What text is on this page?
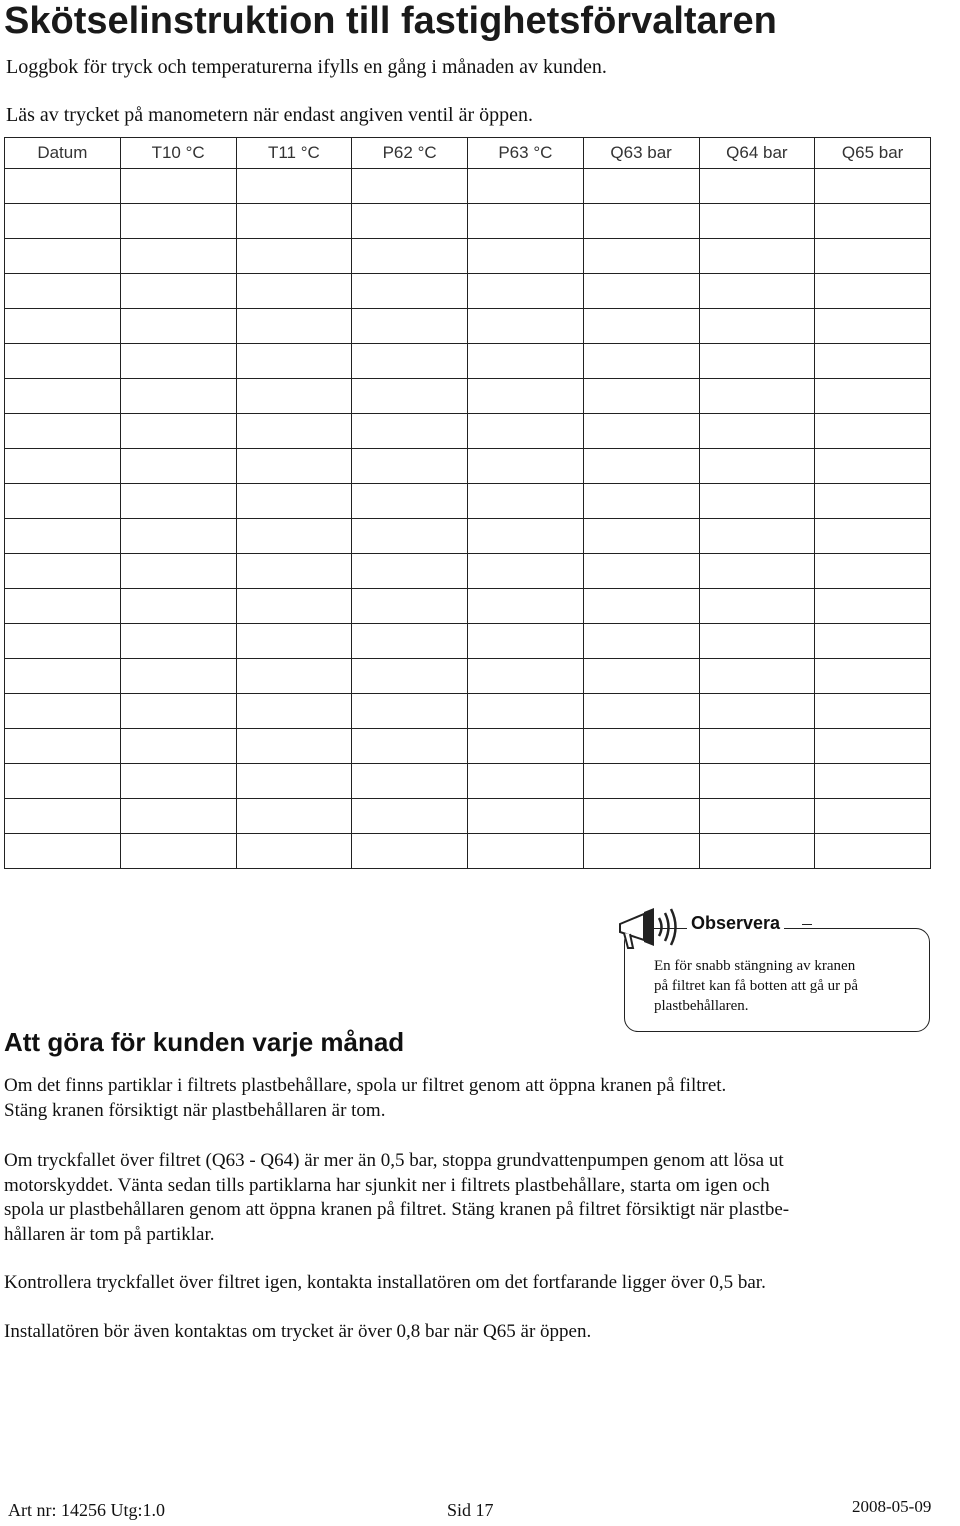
Skötselinstruktion till fastighetsförvaltaren

Loggbok för tryck och temperaturerna ifylls en gång i månaden av kunden.

Läs av trycket på manometern när endast angiven ventil är öppen.

Datum	T10 °C	T11 °C	P62 °C	P63 °C	Q63 bar	Q64 bar	Q65 bar

Observera

En för snabb stängning av kranen
på filtret kan få botten att gå ur på
plastbehållaren.

Att göra för kunden varje månad

Om det finns partiklar i filtrets plastbehållare, spola ur filtret genom att öppna kranen på filtret.
Stäng kranen försiktigt när plastbehållaren är tom.

Om tryckfallet över filtret (Q63 - Q64) är mer än 0,5 bar, stoppa grundvattenpumpen genom att lösa ut
motorskyddet. Vänta sedan tills partiklarna har sjunkit ner i filtrets plastbehållare, starta om igen och
spola ur plastbehållaren genom att öppna kranen på filtret. Stäng kranen på filtret försiktigt när plastbe-
hållaren är tom på partiklar.

Kontrollera tryckfallet över filtret igen, kontakta installatören om det fortfarande ligger över 0,5 bar.

Installatören bör även kontaktas om trycket är över 0,8 bar när Q65 är öppen.

Art nr: 14256 Utg:1.0	Sid 17	2008-05-09
